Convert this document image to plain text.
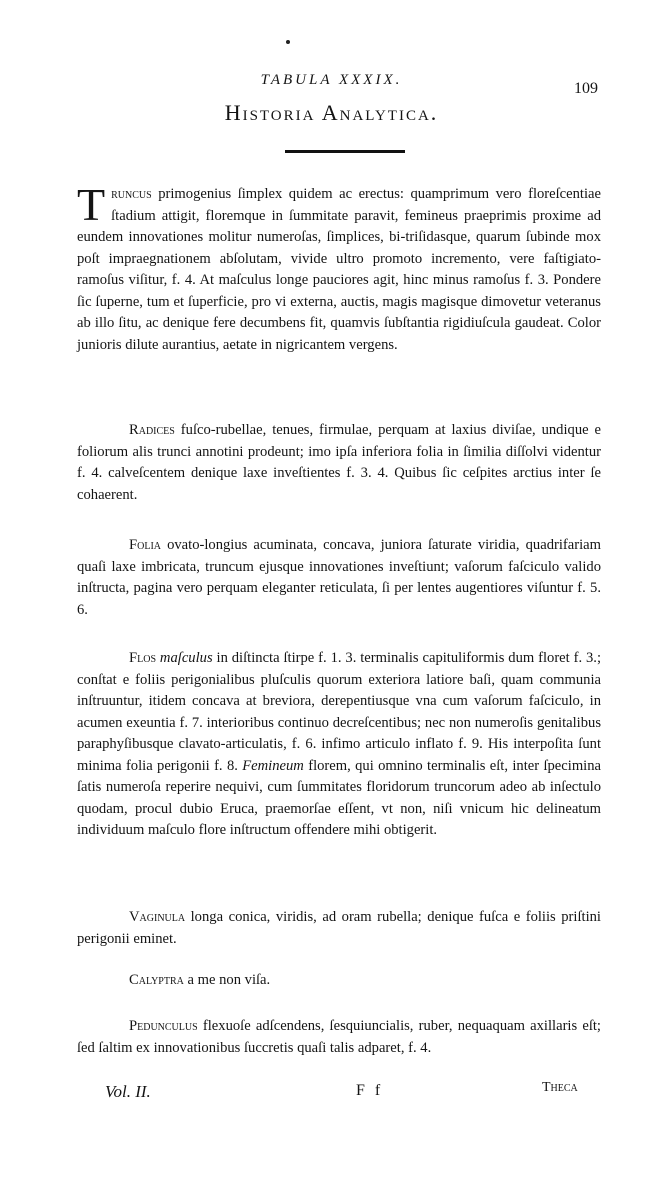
TABULA XXXIX.	109
Historia Analytica.

Truncus primogenius ſimplex quidem ac erectus: quamprimum vero floreſcentiae ſtadium attigit, floremque in ſummitate paravit, femineus praeprimis proxime ad eundem innovationes molitur numeroſas, ſimplices, bi-triſidasque, quarum ſubinde mox poſt impraegnationem abſolutam, vivide ultro promoto incremento, vere faſtigiato-ramoſus viſitur, f. 4. At maſculus longe pauciores agit, hinc minus ramoſus f. 3. Pondere ſic ſuperne, tum et ſuperficie, pro vi externa, auctis, magis magisque dimovetur veteranus ab illo ſitu, ac denique fere decumbens fit, quamvis ſubſtantia rigidiuſcula gaudeat. Color junioris dilute aurantius, aetate in nigricantem vergens.

Radices fuſco-rubellae, tenues, firmulae, perquam at laxius diviſae, undique e foliorum alis trunci annotini prodeunt; imo ipſa inferiora folia in ſimilia diſſolvi videntur f. 4. calveſcentem denique laxe inveſtientes f. 3. 4. Quibus ſic ceſpites arctius inter ſe cohaerent.

Folia ovato-longius acuminata, concava, juniora ſaturate viridia, quadrifariam quaſi laxe imbricata, truncum ejusque innovationes inveſtiunt; vaſorum faſciculo valido inſtructa, pagina vero perquam eleganter reticulata, ſi per lentes augentiores viſuntur f. 5. 6.

Flos maſculus in diſtincta ſtirpe f. 1. 3. terminalis capituliformis dum floret f. 3.; conſtat e foliis perigonialibus pluſculis quorum exteriora latiore baſi, quam communia inſtruuntur, itidem concava at breviora, derepentiusque vna cum vaſorum faſciculo, in acumen exeuntia f. 7. interioribus continuo decreſcentibus; nec non numeroſis genitalibus paraphyſibusque clavato-articulatis, f. 6. infimo articulo inflato f. 9. His interpoſita ſunt minima folia perigonii f. 8. Femineum florem, qui omnino terminalis eſt, inter ſpecimina ſatis numeroſa reperire nequivi, cum ſummitates floridorum truncorum adeo ab inſectulo quodam, procul dubio Eruca, praemorſae eſſent, vt non, niſi vnicum hic delineatum individuum maſculo flore inſtructum offendere mihi obtigerit.

Vaginula longa conica, viridis, ad oram rubella; denique fuſca e foliis priſtini perigonii eminet.

Calyptra a me non viſa.

Pedunculus flexuoſe adſcendens, ſesquiuncialis, ruber, nequaquam axillaris eſt; ſed ſaltim ex innovationibus ſuccretis quaſi talis adparet, f. 4.

Vol. II.	F f	Theca
